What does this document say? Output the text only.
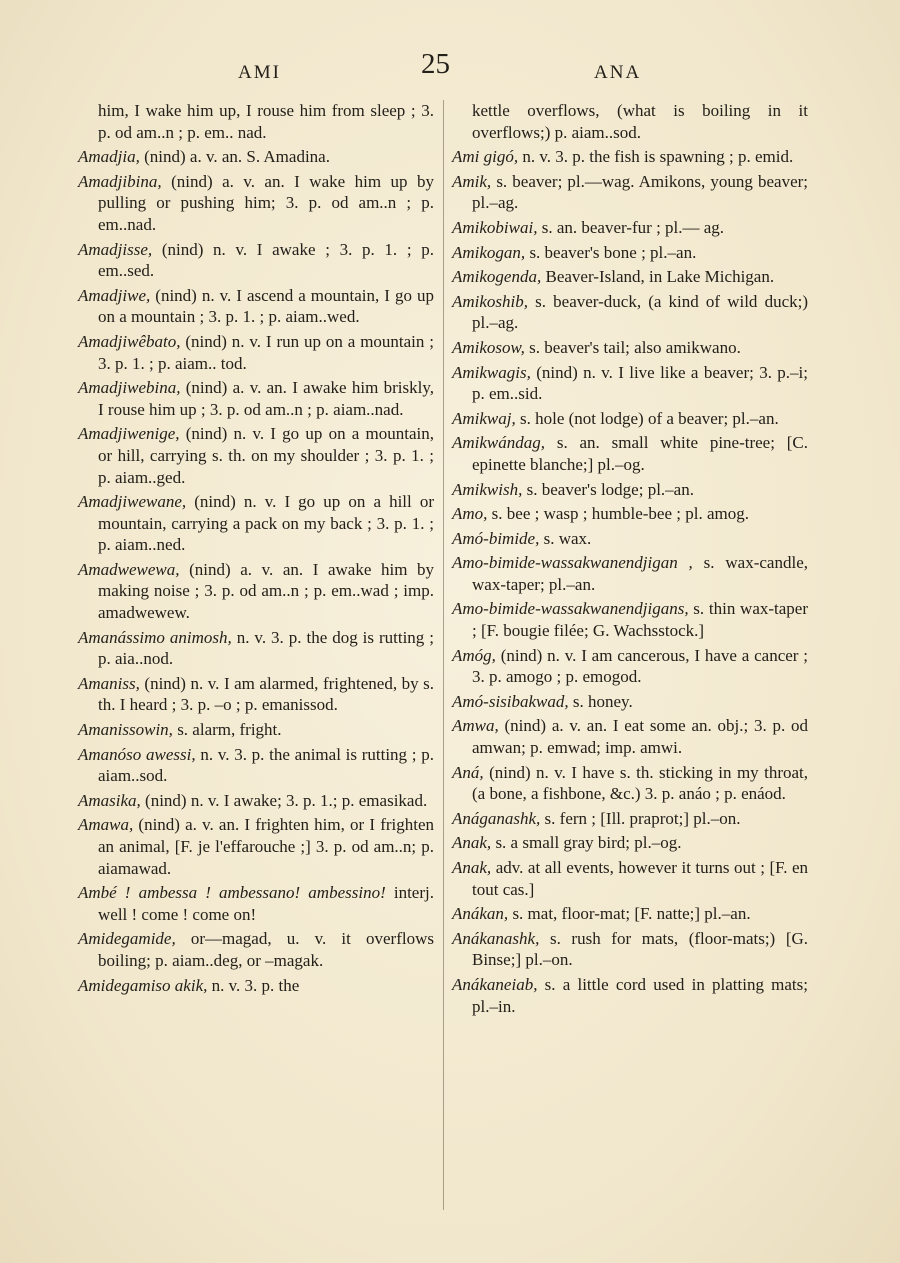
AMI	25	ANA

him, I wake him up, I rouse him from sleep ; 3. p. od am..n ; p. em.. nad.

Amadjia, (nind) a. v. an. S. Amadina.

Amadjibina, (nind) a. v. an. I wake him up by pulling or pushing him; 3. p. od am..n ; p. em..nad.

Amadjisse, (nind) n. v. I awake ; 3. p. 1. ; p. em..sed.

Amadjiwe, (nind) n. v. I ascend a mountain, I go up on a mountain ; 3. p. 1. ; p. aiam..wed.

Amadjiwêbato, (nind) n. v. I run up on a mountain ; 3. p. 1. ; p. aiam.. tod.

Amadjiwebina, (nind) a. v. an. I awake him briskly, I rouse him up ; 3. p. od am..n ; p. aiam..nad.

Amadjiwenige, (nind) n. v. I go up on a mountain, or hill, carrying s. th. on my shoulder ; 3. p. 1. ; p. aiam..ged.

Amadjiwewane, (nind) n. v. I go up on a hill or mountain, carrying a pack on my back ; 3. p. 1. ; p. aiam..ned.

Amadwewewa, (nind) a. v. an. I awake him by making noise ; 3. p. od am..n ; p. em..wad ; imp. amadwewew.

Amanássimo animosh, n. v. 3. p. the dog is rutting ; p. aia..nod.

Amaniss, (nind) n. v. I am alarmed, frightened, by s. th. I heard ; 3. p. –o ; p. emanissod.

Amanissowin, s. alarm, fright.

Amanóso awessi, n. v. 3. p. the animal is rutting ; p. aiam..sod.

Amasika, (nind) n. v. I awake; 3. p. 1.; p. emasikad.

Amawa, (nind) a. v. an. I frighten him, or I frighten an animal, [F. je l'effarouche ;] 3. p. od am..n; p. aiamawad.

Ambé ! ambessa ! ambessano! ambessino! interj. well ! come ! come on!

Amidegamide, or—magad, u. v. it overflows boiling; p. aiam..deg, or –magak.

Amidegamiso akik, n. v. 3. p. the

kettle overflows, (what is boiling in it overflows;) p. aiam..sod.

Ami gigó, n. v. 3. p. the fish is spawning ; p. emid.

Amik, s. beaver; pl.—wag. Amikons, young beaver; pl.–ag.

Amikobiwai, s. an. beaver-fur ; pl.— ag.

Amikogan, s. beaver's bone ; pl.–an.

Amikogenda, Beaver-Island, in Lake Michigan.

Amikoshib, s. beaver-duck, (a kind of wild duck;) pl.–ag.

Amikosow, s. beaver's tail; also amikwano.

Amikwagis, (nind) n. v. I live like a beaver; 3. p.–i; p. em..sid.

Amikwaj, s. hole (not lodge) of a beaver; pl.–an.

Amikwándag, s. an. small white pine-tree; [C. epinette blanche;] pl.–og.

Amikwish, s. beaver's lodge; pl.–an.

Amo, s. bee ; wasp ; humble-bee ; pl. amog.

Amó-bimide, s. wax.

Amo-bimide-wassakwanendjigan , s. wax-candle, wax-taper; pl.–an.

Amo-bimide-wassakwanendjigans, s. thin wax-taper ; [F. bougie filée; G. Wachsstock.]

Amóg, (nind) n. v. I am cancerous, I have a cancer ; 3. p. amogo ; p. emogod.

Amó-sisibakwad, s. honey.

Amwa, (nind) a. v. an. I eat some an. obj.; 3. p. od amwan; p. emwad; imp. amwi.

Aná, (nind) n. v. I have s. th. sticking in my throat, (a bone, a fishbone, &c.) 3. p. anáo ; p. enáod.

Anáganashk, s. fern ; [Ill. praprot;] pl.–on.

Anak, s. a small gray bird; pl.–og.

Anak, adv. at all events, however it turns out ; [F. en tout cas.]

Anákan, s. mat, floor-mat; [F. natte;] pl.–an.

Anákanashk, s. rush for mats, (floor-mats;) [G. Binse;] pl.–on.

Anákaneiab, s. a little cord used in platting mats; pl.–in.
